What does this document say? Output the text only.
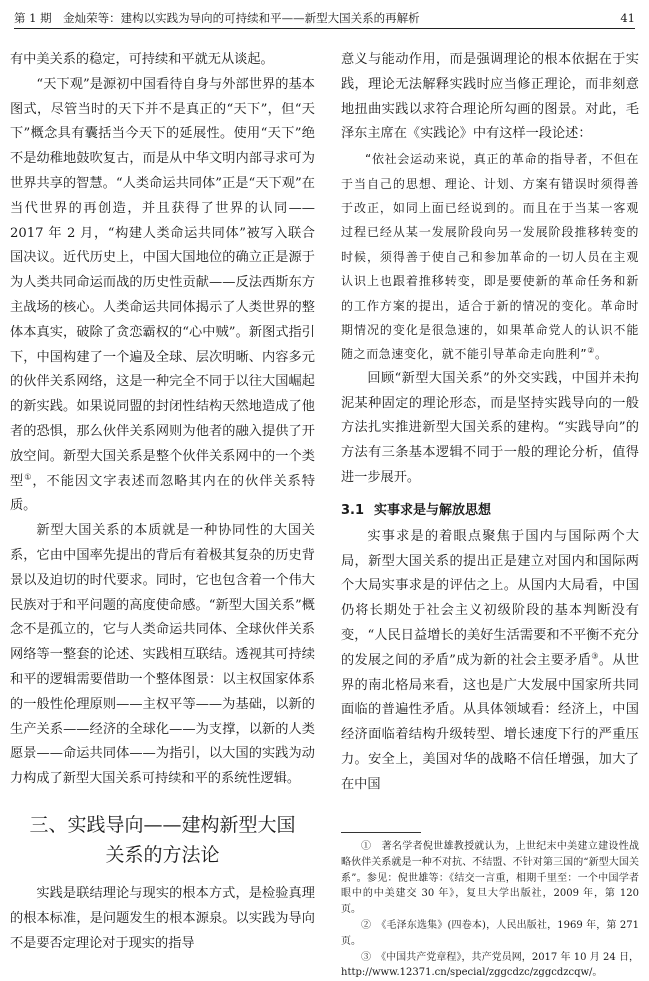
第 1 期　金灿荣等：建构以实践为导向的可持续和平——新型大国关系的再解析	41

有中美关系的稳定，可持续和平就无从谈起。

“天下观”是源初中国看待自身与外部世界的基本图式，尽管当时的天下并不是真正的“天下”，但“天下”概念具有囊括当今天下的延展性。使用“天下”绝不是幼稚地鼓吹复古，而是从中华文明内部寻求可为世界共享的智慧。“人类命运共同体”正是“天下观”在当代世界的再创造，并且获得了世界的认同——2017 年 2 月，“构建人类命运共同体”被写入联合国决议。近代历史上，中国大国地位的确立正是源于为人类共同命运而战的历史性贡献——反法西斯东方主战场的核心。人类命运共同体揭示了人类世界的整体本真实，破除了贪恋霸权的“心中贼”。新图式指引下，中国构建了一个遍及全球、层次明晰、内容多元的伙伴关系网络，这是一种完全不同于以往大国崛起的新实践。如果说同盟的封闭性结构天然地造成了他者的恐惧，那么伙伴关系网则为他者的融入提供了开放空间。新型大国关系是整个伙伴关系网中的一个类型①，不能因文字表述而忽略其内在的伙伴关系特质。

新型大国关系的本质就是一种协同性的大国关系，它由中国率先提出的背后有着极其复杂的历史背景以及迫切的时代要求。同时，它也包含着一个伟大民族对于和平问题的高度使命感。“新型大国关系”概念不是孤立的，它与人类命运共同体、全球伙伴关系网络等一整套的论述、实践相互联结。透视其可持续和平的逻辑需要借助一个整体图景：以主权国家体系的一般性伦理原则——主权平等——为基础，以新的生产关系——经济的全球化——为支撑，以新的人类愿景——命运共同体——为指引，以大国的实践为动力构成了新型大国关系可持续和平的系统性逻辑。

三、实践导向——建构新型大国
关系的方法论

实践是联结理论与现实的根本方式，是检验真理的根本标准，是问题发生的根本源泉。以实践为导向不是要否定理论对于现实的指导

意义与能动作用，而是强调理论的根本依据在于实践，理论无法解释实践时应当修正理论，而非刻意地扭曲实践以求符合理论所勾画的图景。对此，毛泽东主席在《实践论》中有这样一段论述：

“依社会运动来说，真正的革命的指导者，不但在于当自己的思想、理论、计划、方案有错误时须得善于改正，如同上面已经说到的。而且在于当某一客观过程已经从某一发展阶段向另一发展阶段推移转变的时候，须得善于使自己和参加革命的一切人员在主观认识上也跟着推移转变，即是要使新的革命任务和新的工作方案的提出，适合于新的情况的变化。革命时期情况的变化是很急速的，如果革命党人的认识不能随之而急速变化，就不能引导革命走向胜利”②。

回顾“新型大国关系”的外交实践，中国并未拘泥某种固定的理论形态，而是坚持实践导向的一般方法扎实推进新型大国关系的建构。“实践导向”的方法有三条基本逻辑不同于一般的理论分析，值得进一步展开。

3.1 实事求是与解放思想

实事求是的着眼点聚焦于国内与国际两个大局，新型大国关系的提出正是建立对国内和国际两个大局实事求是的评估之上。从国内大局看，中国仍将长期处于社会主义初级阶段的基本判断没有变，“人民日益增长的美好生活需要和不平衡不充分的发展之间的矛盾”成为新的社会主要矛盾③。从世界的南北格局来看，这也是广大发展中国家所共同面临的普遍性矛盾。从具体领域看：经济上，中国经济面临着结构升级转型、增长速度下行的严重压力。安全上，美国对华的战略不信任增强，加大了在中国

①　著名学者倪世雄教授就认为，上世纪末中美建立建设性战略伙伴关系就是一种不对抗、不结盟、不针对第三国的“新型大国关系”。参见：倪世雄等：《结交一言重，相期千里至：一个中国学者眼中的中美建交 30 年》，复旦大学出版社，2009 年，第 120 页。

②　《毛泽东选集》(四卷本)，人民出版社，1969 年，第 271 页。

③　《中国共产党章程》，共产党员网，2017 年 10 月 24 日，http://www.12371.cn/special/zggcdzc/zggcdzcqw/。
